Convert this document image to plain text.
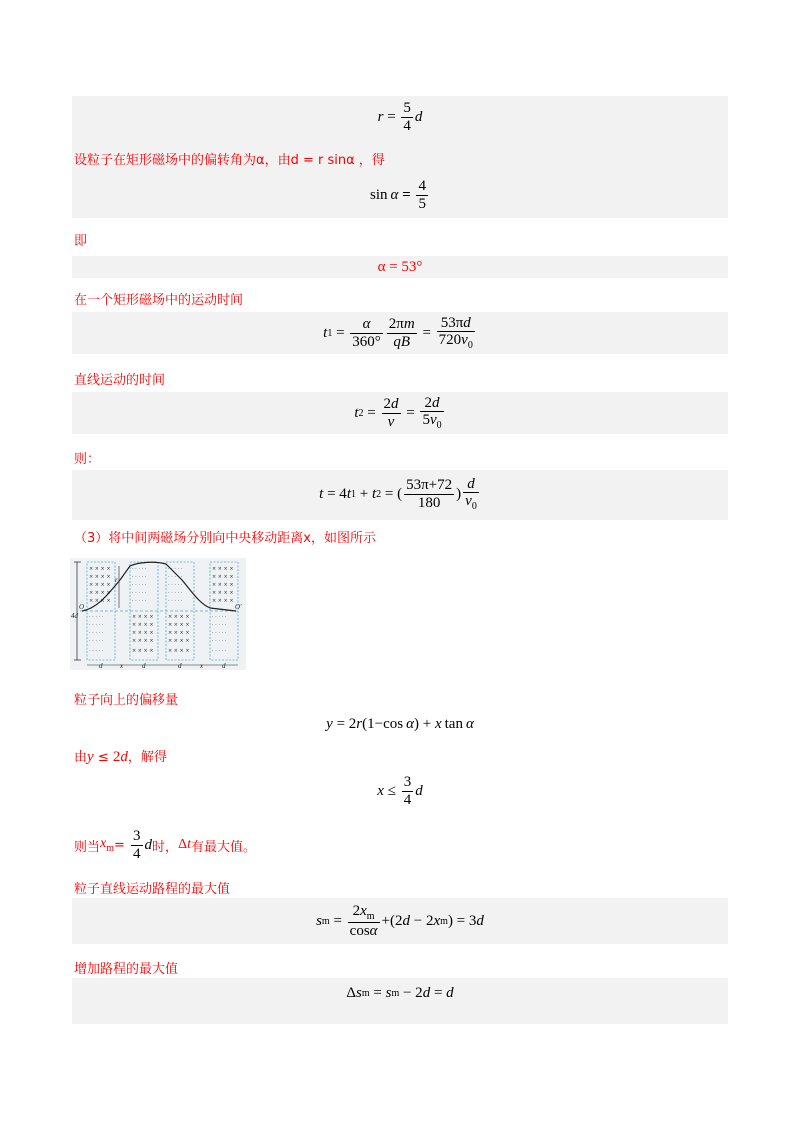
$r = \frac{5}{4}$ d
设粒子在矩形磁场中的偏转角为α，由d = r sinα ，得
sin  α
=
$\frac{4}{5}$
即
α = 53°
在一个矩形磁场中的运动时间
t $1 = \frac{\alpha}{360^\circ} \frac{2\pi m}{qB} = \frac{53\pi d}{720v_0}$
直线运动的时间
t $2 = \frac{2d}{v} = \frac{2d}{5v_0}$
则：
t = 4 t 1 + t 2 = ( $\frac{53\pi+72}{180}$ ) $\frac{d}{v_0}$
（3）将中间两磁场分别向中央移动距离x，如图所示
× × × ×
× × × ×
× × × ×
× × × ×
× × × ×
· · · · ·
· · · · ·
· · · · ·
· · · · ·
· · · · ·
· · · · ·
· · · · ·
· · · · ·
· · · · ·
· · · · ·
× × × ×
× × × ×
× × × ×
× × × ×
× × × ×
· · · · ·
· · · · ·
· · · · ·
· · · · ·
· · · · ·
× × × ×
× × × ×
× × × ×
× × × ×
× × × ×
× × × ×
× × × ×
× × × ×
× × × ×
× × × ×
· · · · ·
· · · · ·
· · · · ·
· · · · ·
· · · · ·
O	O′
4d
r
d	x	d	d	x	d
粒子向上的偏移量
y = 2 r (1−cos  α ) + x  tan  α
由y ≤ 2d，解得
$x \le \frac{3}{4}$ d
则当 $x_m = \frac{3}{4}$ d 时， Δt 有最大值。
粒子直线运动路程的最大值
s $m = \frac{2x_m}{\cos\alpha} +(2$ d − 2 x m ) = 3 d
增加路程的最大值
Δ s m = s m − 2 d = d
